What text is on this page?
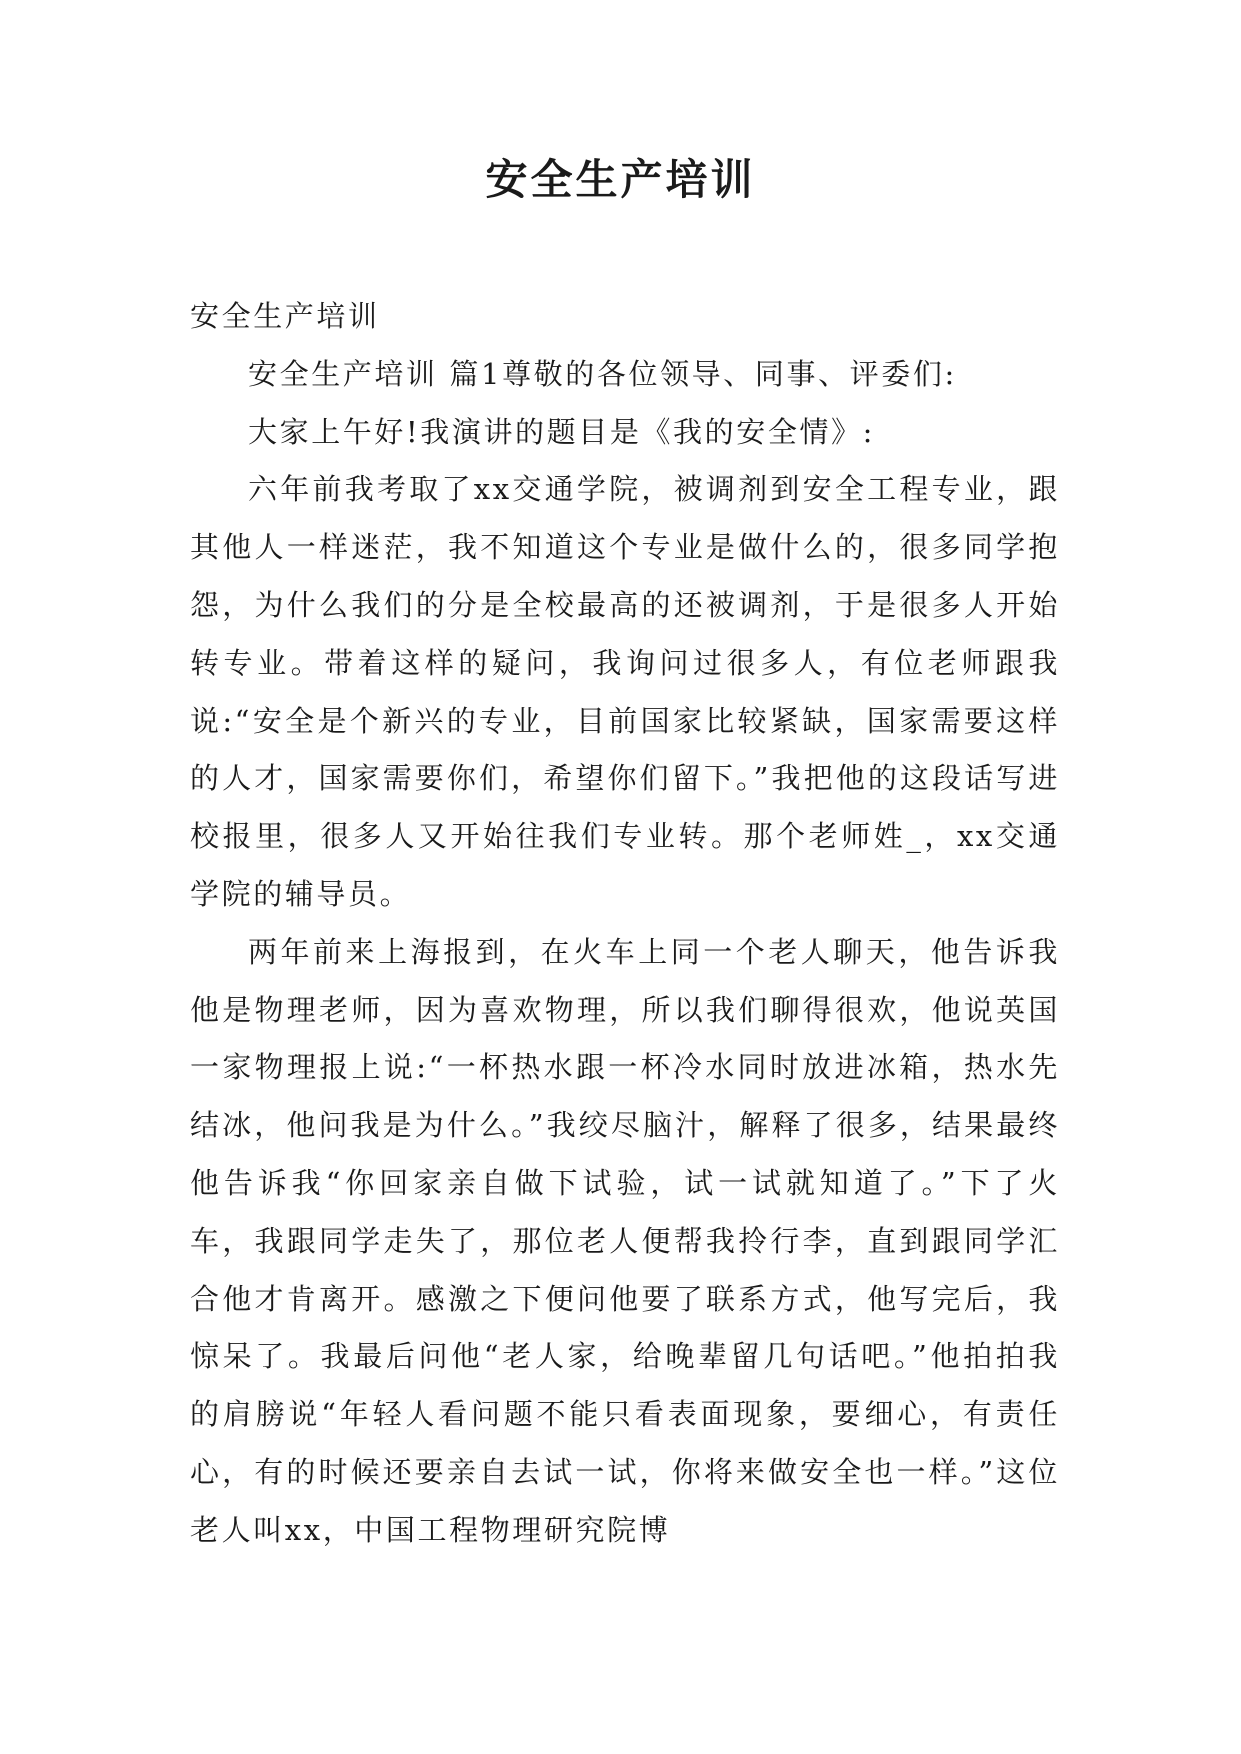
安全生产培训

安全生产培训

安全生产培训 篇1尊敬的各位领导、同事、评委们:

大家上午好!我演讲的题目是《我的安全情》:

六年前我考取了xx交通学院，被调剂到安全工程专业，跟其他人一样迷茫，我不知道这个专业是做什么的，很多同学抱怨，为什么我们的分是全校最高的还被调剂，于是很多人开始转专业。带着这样的疑问，我询问过很多人，有位老师跟我说:“安全是个新兴的专业，目前国家比较紧缺，国家需要这样的人才，国家需要你们，希望你们留下。”我把他的这段话写进校报里，很多人又开始往我们专业转。那个老师姓_，xx交通学院的辅导员。

两年前来上海报到，在火车上同一个老人聊天，他告诉我他是物理老师，因为喜欢物理，所以我们聊得很欢，他说英国一家物理报上说:“一杯热水跟一杯冷水同时放进冰箱，热水先结冰，他问我是为什么。”我绞尽脑汁，解释了很多，结果最终他告诉我“你回家亲自做下试验，试一试就知道了。”下了火车，我跟同学走失了，那位老人便帮我拎行李，直到跟同学汇合他才肯离开。感激之下便问他要了联系方式，他写完后，我惊呆了。我最后问他“老人家，给晚辈留几句话吧。”他拍拍我的肩膀说“年轻人看问题不能只看表面现象，要细心，有责任心，有的时候还要亲自去试一试，你将来做安全也一样。”这位老人叫xx，中国工程物理研究院博
